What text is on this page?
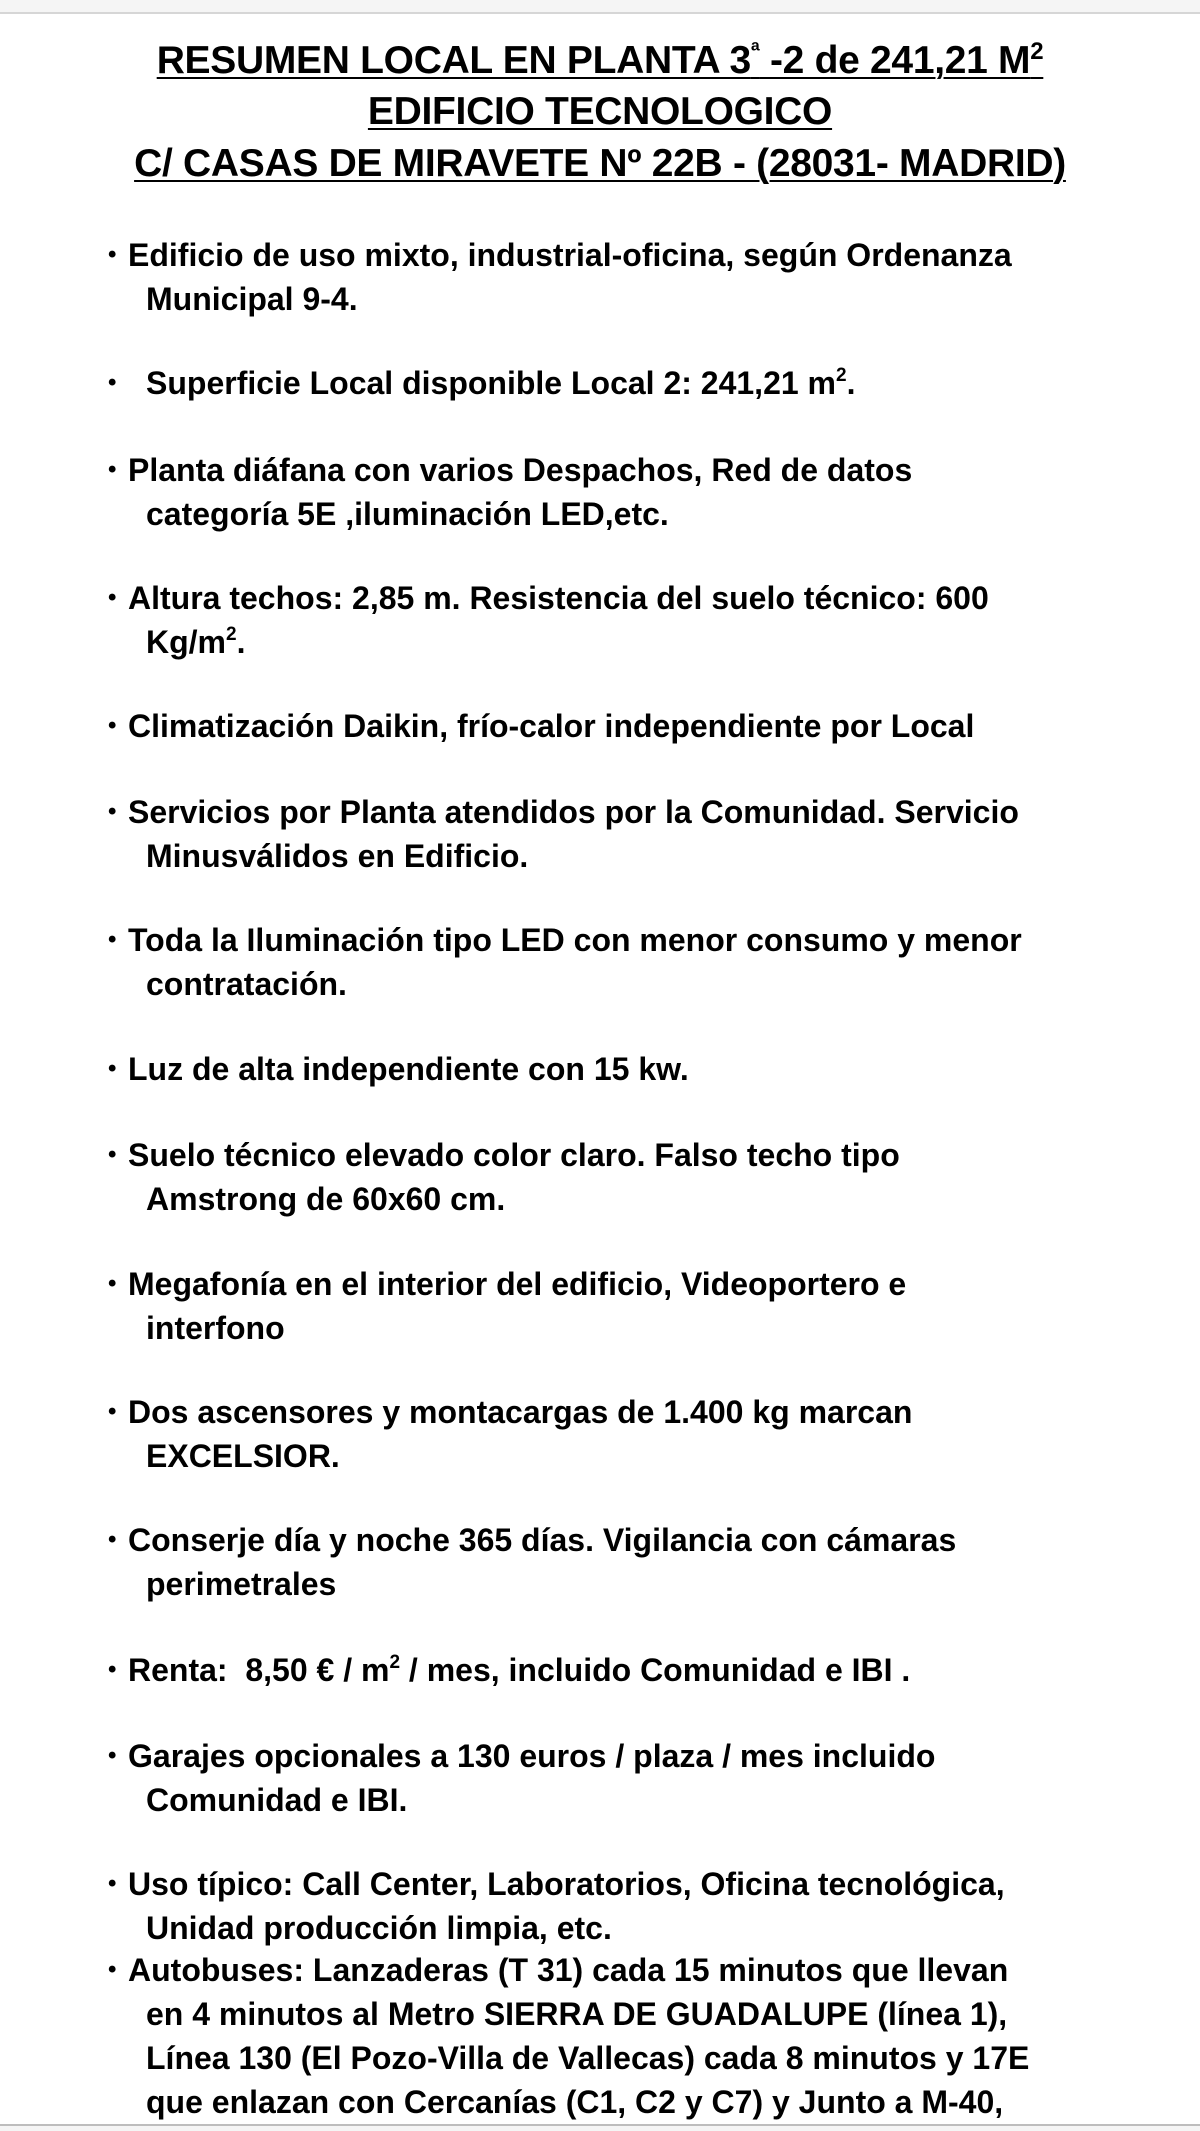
RESUMEN LOCAL EN PLANTA $3^ª$ -2 de 241,21 $M^2$
EDIFICIO TECNOLOGICO
C/ CASAS DE MIRAVETE Nº 22B - (28031- MADRID)
• Edificio de uso mixto, industrial-oficina, según Ordenanza
Municipal 9-4.
• Superficie Local disponible Local 2: 241,21 $m^2$.
• Planta diáfana con varios Despachos, Red de datos
categoría 5E ,iluminación LED,etc.
• Altura techos: 2,85 m. Resistencia del suelo técnico: 600
$Kg/m^2$.
• Climatización Daikin, frío-calor independiente por Local
• Servicios por Planta atendidos por la Comunidad. Servicio
Minusválidos en Edificio.
• Toda la Iluminación tipo LED con menor consumo y menor
contratación.
• Luz de alta independiente con 15 kw.
• Suelo técnico elevado color claro. Falso techo tipo
Amstrong de 60x60 cm.
• Megafonía en el interior del edificio, Videoportero e
interfono
• Dos ascensores y montacargas de 1.400 kg marcan
EXCELSIOR.
• Conserje día y noche 365 días. Vigilancia con cámaras
perimetrales
• Renta:  8,50 € / $m^2$ / mes, incluido Comunidad e IBI .
• Garajes opcionales a 130 euros / plaza / mes incluido
Comunidad e IBI.
• Uso típico: Call Center, Laboratorios, Oficina tecnológica,
Unidad producción limpia, etc.
• Autobuses: Lanzaderas (T 31) cada 15 minutos que llevan
en 4 minutos al Metro SIERRA DE GUADALUPE (línea 1),
Línea 130 (El Pozo-Villa de Vallecas) cada 8 minutos y 17E
que enlazan con Cercanías (C1, C2 y C7) y Junto a M-40,
